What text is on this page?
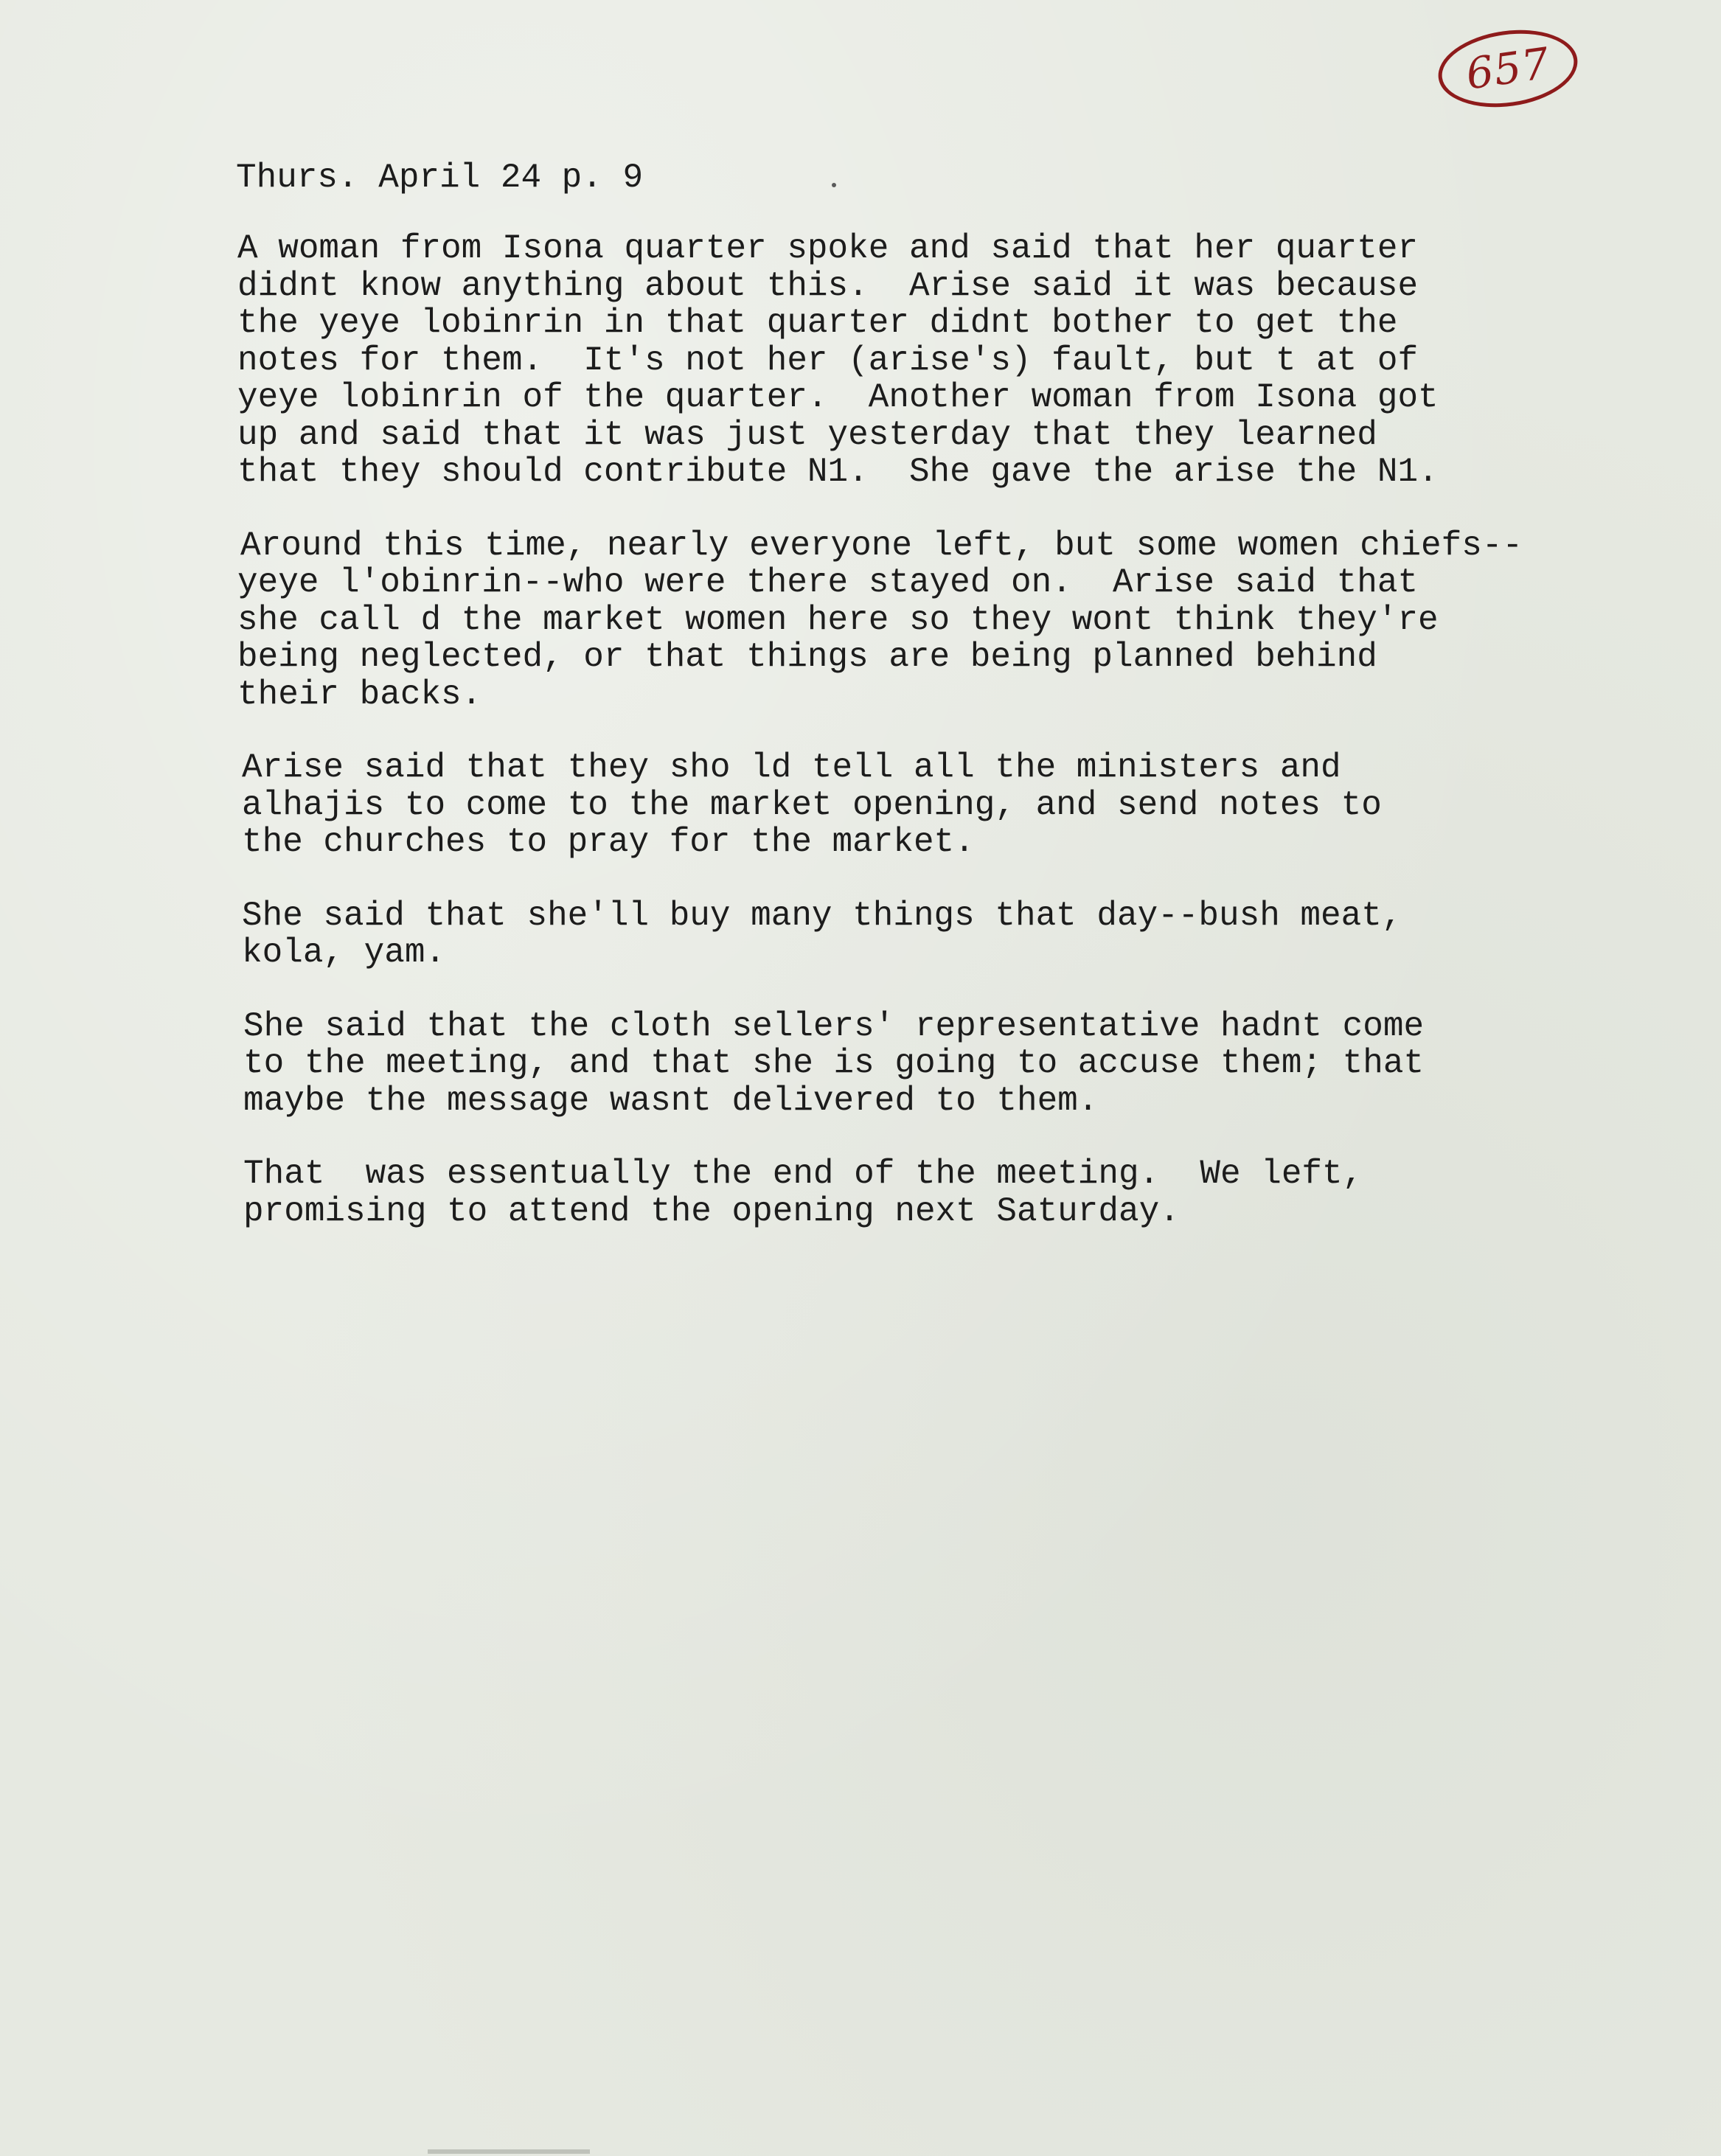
657
Thurs. April 24 p. 9
A woman from Isona quarter spoke and said that her quarter
didnt know anything about this.  Arise said it was because
the yeye lobinrin in that quarter didnt bother to get the
notes for them.  It's not her (arise's) fault, but t at of
yeye lobinrin of the quarter.  Another woman from Isona got
up and said that it was just yesterday that they learned
that they should contribute N1.  She gave the arise the N1.
Around this time, nearly everyone left, but some women chiefs--
yeye l'obinrin--who were there stayed on.  Arise said that
she call d the market women here so they wont think they're
being neglected, or that things are being planned behind
their backs.
Arise said that they sho ld tell all the ministers and
alhajis to come to the market opening, and send notes to
the churches to pray for the market.
She said that she'll buy many things that day--bush meat,
kola, yam.
She said that the cloth sellers' representative hadnt come
to the meeting, and that she is going to accuse them; that
maybe the message wasnt delivered to them.
That  was essentually the end of the meeting.  We left,
promising to attend the opening next Saturday.
